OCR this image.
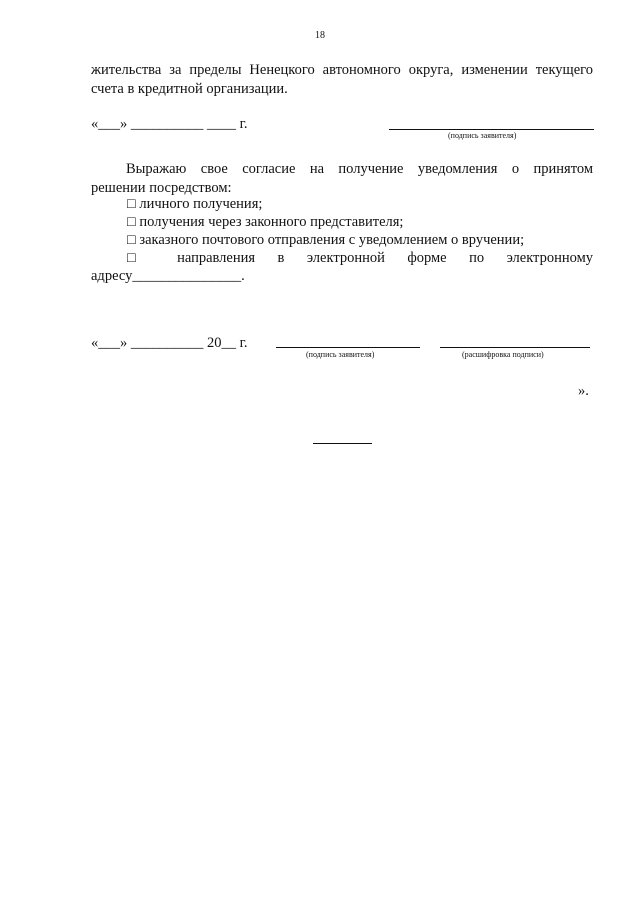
18
жительства за пределы Ненецкого автономного округа, изменении текущего
счета в кредитной организации.
«___» __________ ____ г.
(подпись заявителя)
Выражаю свое согласие на получение уведомления о принятом
решении посредством:
□ личного получения;
□ получения через законного представителя;
□ заказного почтового отправления с уведомлением о вручении;
□ направления в электронной форме по электронному
адресу_______________.
«___» __________ 20__ г.
(подпись заявителя)	(расшифровка подписи)
».
